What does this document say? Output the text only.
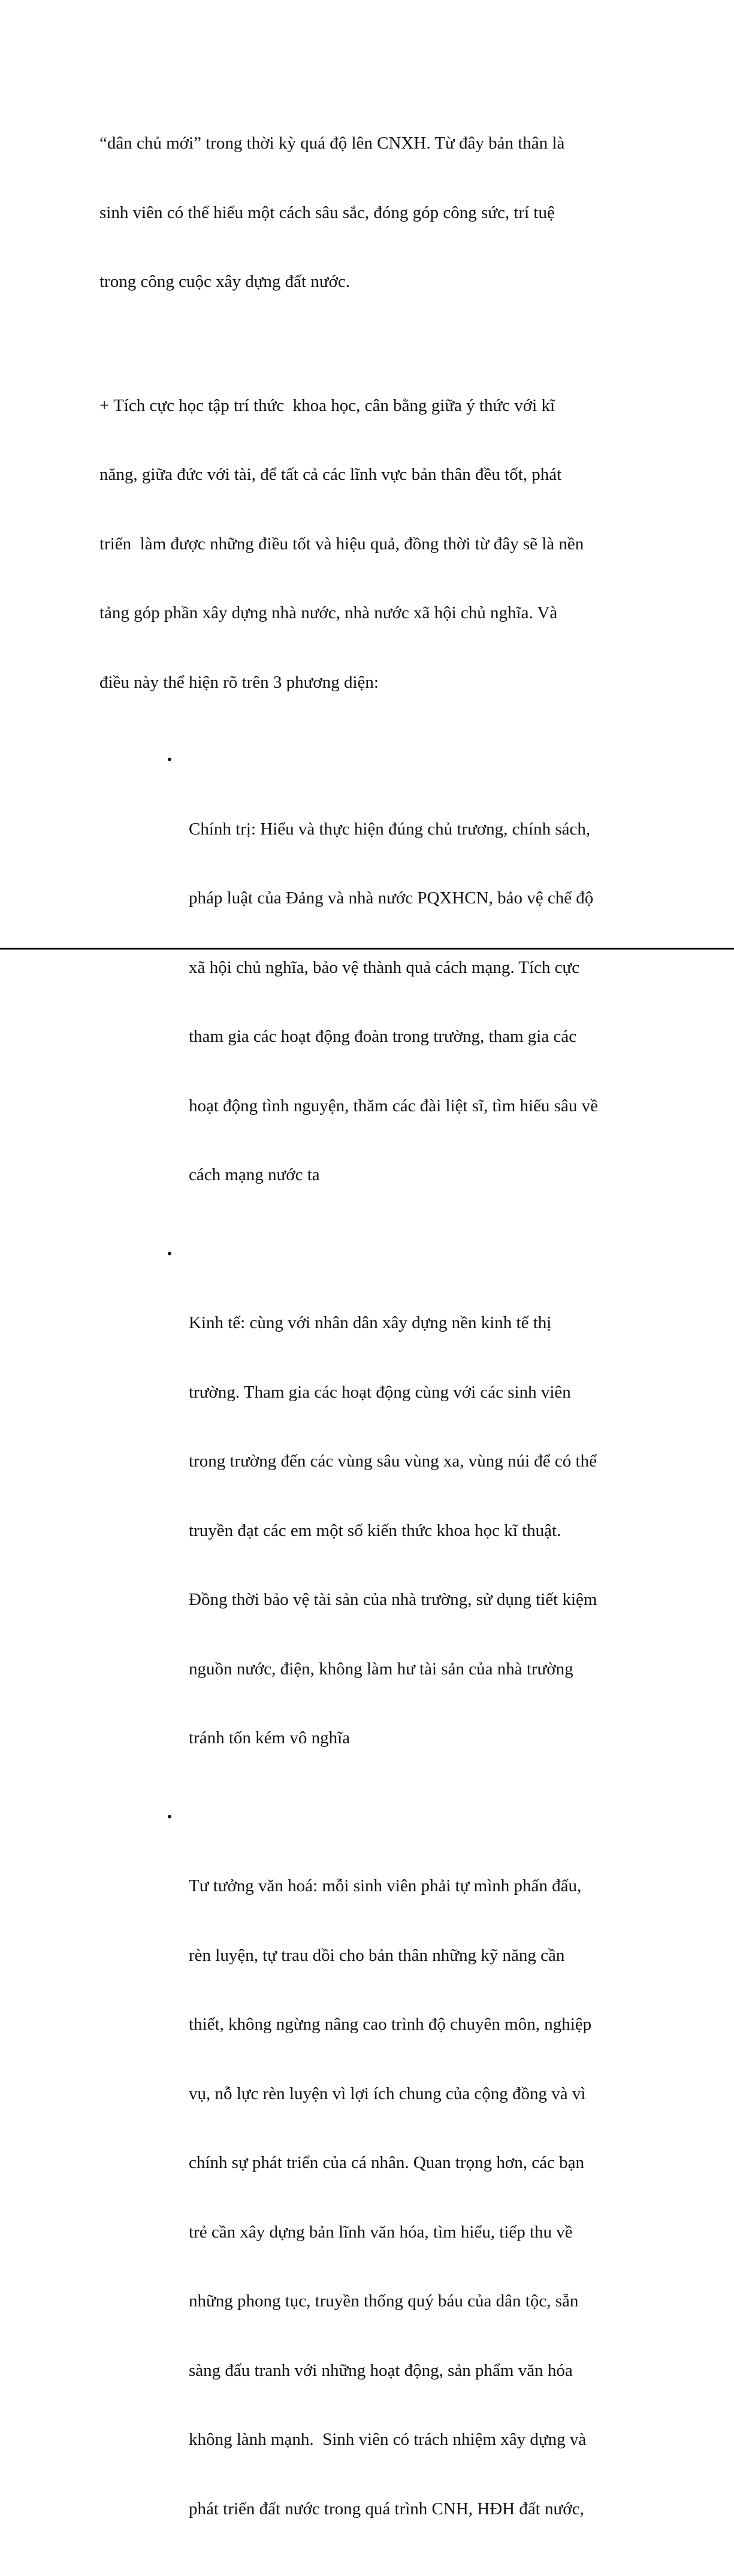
“dân chủ mới” trong thời kỳ quá độ lên CNXH. Từ đây bản thân là

sinh viên có thể hiểu một cách sâu sắc, đóng góp công sức, trí tuệ

trong công cuộc xây dựng đất nước.

+ Tích cực học tập trí thức  khoa học, cân bằng giữa ý thức với kĩ

năng, giữa đức với tài, để tất cả các lĩnh vực bản thân đều tốt, phát

triển  làm được những điều tốt và hiệu quả, đồng thời từ đây sẽ là nền

tảng góp phần xây dựng nhà nước, nhà nước xã hội chủ nghĩa. Và

điều này thể hiện rõ trên 3 phương diện:

•

Chính trị: Hiểu và thực hiện đúng chủ trương, chính sách,

pháp luật của Đảng và nhà nước PQXHCN, bảo vệ chế độ

xã hội chủ nghĩa, bảo vệ thành quả cách mạng. Tích cực

tham gia các hoạt động đoàn trong trường, tham gia các

hoạt động tình nguyện, thăm các đài liệt sĩ, tìm hiểu sâu về

cách mạng nước ta

•

Kinh tế: cùng với nhân dân xây dựng nền kinh tế thị

trường. Tham gia các hoạt động cùng với các sinh viên

trong trường đến các vùng sâu vùng xa, vùng núi để có thể

truyền đạt các em một số kiến thức khoa học kĩ thuật.

Đồng thời bảo vệ tài sản của nhà trường, sử dụng tiết kiệm

nguồn nước, điện, không làm hư tài sản của nhà trường

tránh tốn kém vô nghĩa

•

Tư tưởng văn hoá: mỗi sinh viên phải tự mình phấn đấu,

rèn luyện, tự trau dồi cho bản thân những kỹ năng cần

thiết, không ngừng nâng cao trình độ chuyên môn, nghiệp

vụ, nỗ lực rèn luyện vì lợi ích chung của cộng đồng và vì

chính sự phát triển của cá nhân. Quan trọng hơn, các bạn

trẻ cần xây dựng bản lĩnh văn hóa, tìm hiểu, tiếp thu về

những phong tục, truyền thống quý báu của dân tộc, sẵn

sàng đấu tranh với những hoạt động, sản phẩm văn hóa

không lành mạnh.  Sinh viên có trách nhiệm xây dựng và

phát triển đất nước trong quá trình CNH, HĐH đất nước,
